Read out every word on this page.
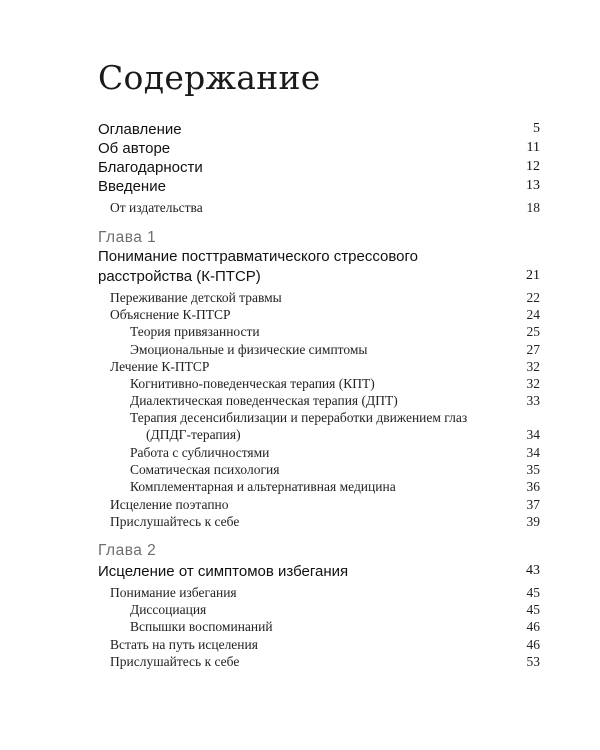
Содержание
Оглавление	5
Об авторе	11
Благодарности	12
Введение	13
От издательства	18
Глава 1
Понимание посттравматического стрессового
расстройства (К-ПТСР)	21
Переживание детской травмы	22
Объяснение К-ПТСР	24
Теория привязанности	25
Эмоциональные и физические симптомы	27
Лечение К-ПТСР	32
Когнитивно-поведенческая терапия (КПТ)	32
Диалектическая поведенческая терапия (ДПТ)	33
Терапия десенсибилизации и переработки движением глаз
(ДПДГ-терапия)	34
Работа с субличностями	34
Соматическая психология	35
Комплементарная и альтернативная медицина	36
Исцеление поэтапно	37
Прислушайтесь к себе	39
Глава 2
Исцеление от симптомов избегания	43
Понимание избегания	45
Диссоциация	45
Вспышки воспоминаний	46
Встать на путь исцеления	46
Прислушайтесь к себе	53
